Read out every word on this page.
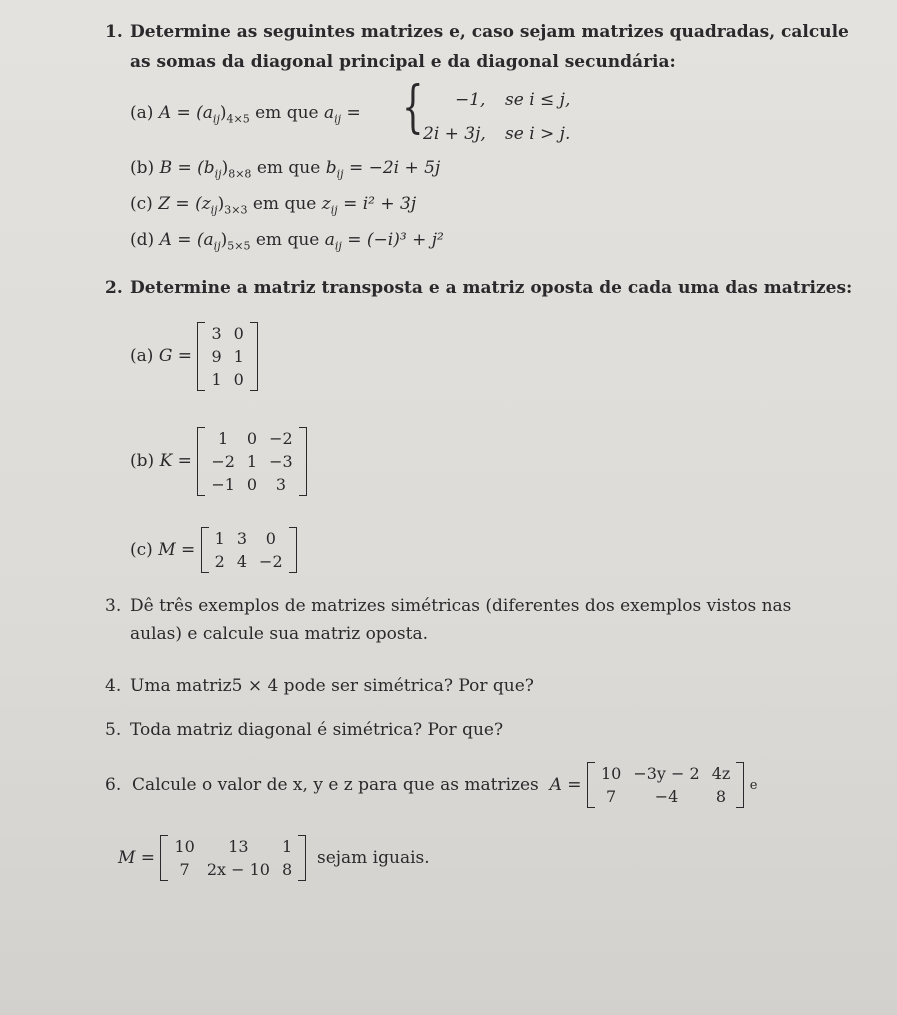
1. Determine as seguintes matrizes e, caso sejam matrizes quadradas, calcule
as somas da diagonal principal e da diagonal secundária:
(a) $A = (a_{ij})_{4\times 5}$ em que $a_{ij}$ = {	−1, se i ≤ j,
2i + 3j, se i > j.
(b) $B = (b_{ij})_{8\times 8}$ em que $b_{ij} = -2i + 5j$
(c) $Z = (z_{ij})_{3\times 3}$ em que $z_{ij} = i^2 + 3j$
(d) $A = (a_{ij})_{5\times 5}$ em que $a_{ij} = (-i)^3 + j^2$
2. Determine a matriz transposta e a matriz oposta de cada uma das matrizes:
(a)
G =

3	0
9	1
1	0
(b)
K =

1	0	−2
−2	1	−3
−1	0	3
(c)
M =

1	3	0
2	4	−2
3. Dê três exemplos de matrizes simétricas (diferentes dos exemplos vistos nas
aulas) e calcule sua matriz oposta.
4. Uma matriz5 × 4 pode ser simétrica? Por que?
5. Toda matriz diagonal é simétrica? Por que?
6.
Calcule o valor de x, y e z para que as matrizes
A =

10	−3y − 2	4z
7	−4	8

e
M =

10	13	1
7	2x − 10	8

sejam iguais.
